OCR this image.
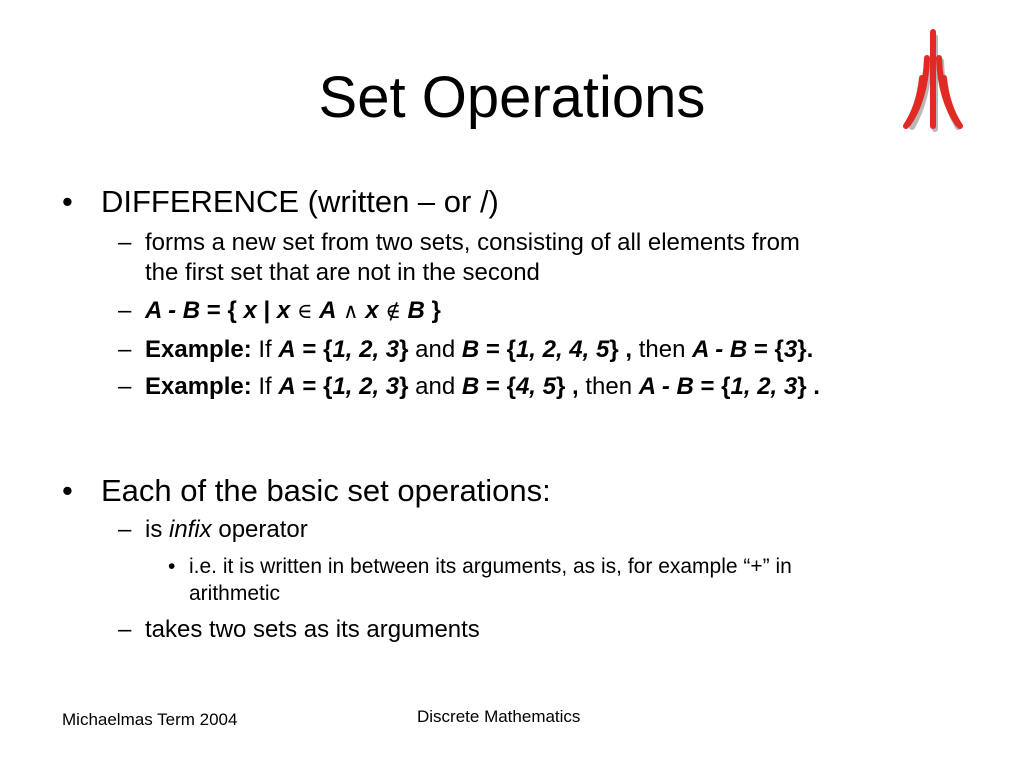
Set Operations
• DIFFERENCE (written – or /)
– forms a new set from two sets, consisting of all elements from
the first set that are not in the second
– A - B = { x | x ∈ A ∧ x ∉ B }
– Example: If A = {1, 2, 3} and B = {1, 2, 4, 5} , then A - B = {3}.
– Example: If A = {1, 2, 3} and B = {4, 5} , then A - B = {1, 2, 3} .
• Each of the basic set operations:
– is infix operator
• i.e. it is written in between its arguments, as is, for example “+” in
arithmetic
– takes two sets as its arguments
Michaelmas Term 2004	Discrete Mathematics
